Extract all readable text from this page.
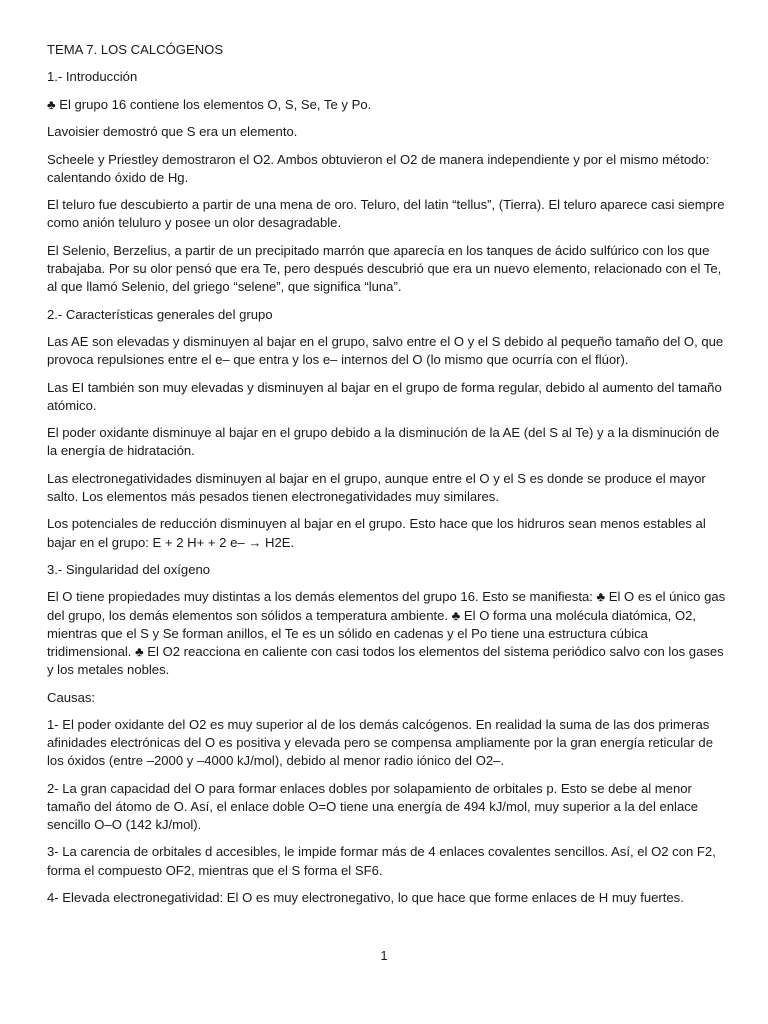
TEMA 7. LOS CALCÓGENOS

1.- Introducción

♣ El grupo 16 contiene los elementos O, S, Se, Te y Po.

Lavoisier demostró que S era un elemento.

Scheele y Priestley demostraron el O2. Ambos obtuvieron el O2 de manera independiente y por el mismo método: calentando óxido de Hg.

El teluro fue descubierto a partir de una mena de oro. Teluro, del latin “tellus”, (Tierra). El teluro aparece casi siempre como anión teluluro y posee un olor desagradable.

El Selenio, Berzelius, a partir de un precipitado marrón que aparecía en los tanques de ácido sulfúrico con los que trabajaba. Por su olor pensó que era Te, pero después descubrió que era un nuevo elemento, relacionado con el Te, al que llamó Selenio, del griego “selene”, que significa “luna”.

2.- Características generales del grupo

Las AE son elevadas y disminuyen al bajar en el grupo, salvo entre el O y el S debido al pequeño tamaño del O, que provoca repulsiones entre el e– que entra y los e– internos del O (lo mismo que ocurría con el flúor).

Las EI también son muy elevadas y disminuyen al bajar en el grupo de forma regular, debido al aumento del tamaño atómico.

El poder oxidante disminuye al bajar en el grupo debido a la disminución de la AE (del S al Te) y a la disminución de la energía de hidratación.

Las electronegatividades disminuyen al bajar en el grupo, aunque entre el O y el S es donde se produce el mayor salto. Los elementos más pesados tienen electronegatividades muy similares.

Los potenciales de reducción disminuyen al bajar en el grupo. Esto hace que los hidruros sean menos estables al bajar en el grupo: E + 2 H+ + 2 e– → H2E.

3.- Singularidad del oxígeno

El O tiene propiedades muy distintas a los demás elementos del grupo 16. Esto se manifiesta: ♣ El O es el único gas del grupo, los demás elementos son sólidos a temperatura ambiente. ♣ El O forma una molécula diatómica, O2, mientras que el S y Se forman anillos, el Te es un sólido en cadenas y el Po tiene una estructura cúbica tridimensional. ♣ El O2 reacciona en caliente con casi todos los elementos del sistema periódico salvo con los gases y los metales nobles.

Causas:

1- El poder oxidante del O2 es muy superior al de los demás calcógenos. En realidad la suma de las dos primeras afinidades electrónicas del O es positiva y elevada pero se compensa ampliamente por la gran energía reticular de los óxidos (entre –2000 y –4000 kJ/mol), debido al menor radio iónico del O2–.

2- La gran capacidad del O para formar enlaces dobles por solapamiento de orbitales p. Esto se debe al menor tamaño del átomo de O. Así, el enlace doble O=O tiene una energía de 494 kJ/mol, muy superior a la del enlace sencillo O–O (142 kJ/mol).

3- La carencia de orbitales d accesibles, le impide formar más de 4 enlaces covalentes sencillos. Así, el O2 con F2, forma el compuesto OF2, mientras que el S forma el SF6.

4- Elevada electronegatividad: El O es muy electronegativo, lo que hace que forme enlaces de H muy fuertes.

1
